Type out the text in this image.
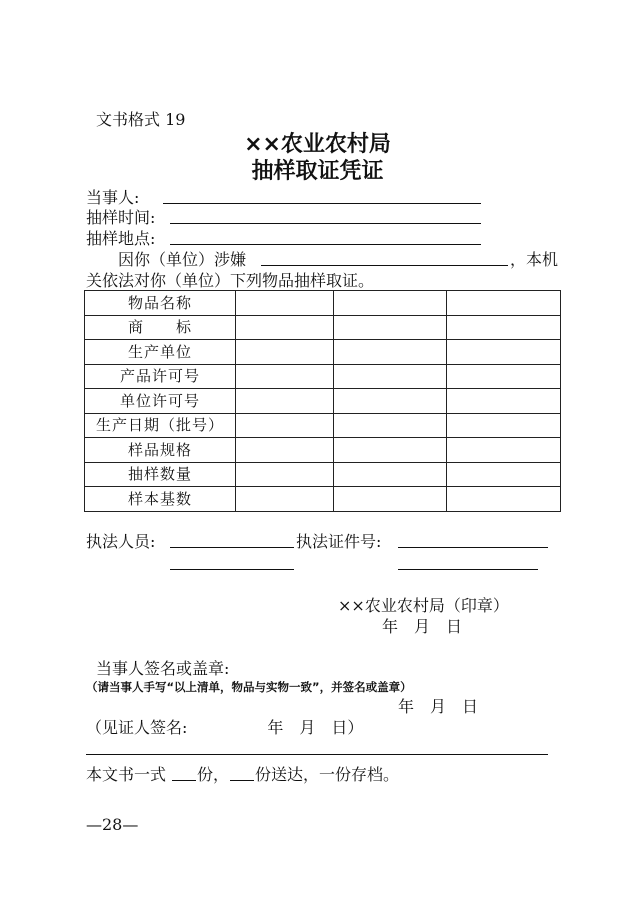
文书格式 19
××农业农村局
抽样取证凭证
当事人:
抽样时间:
抽样地点:
因你（单位）涉嫌	，本机
关依法对你（单位）下列物品抽样取证。
物品名称			
商　　标			
生产单位			
产品许可号			
单位许可号			
生产日期（批号）			
样品规格			
抽样数量			
样本基数			
执法人员:	执法证件号:
××农业农村局（印章）
年　月　日
当事人签名或盖章:
（请当事人手写“以上清单，物品与实物一致”，并签名或盖章）
年　月　日
（见证人签名:　　　　　年　月　日）
本文书一式 份， 份送达，一份存档。
—28—
